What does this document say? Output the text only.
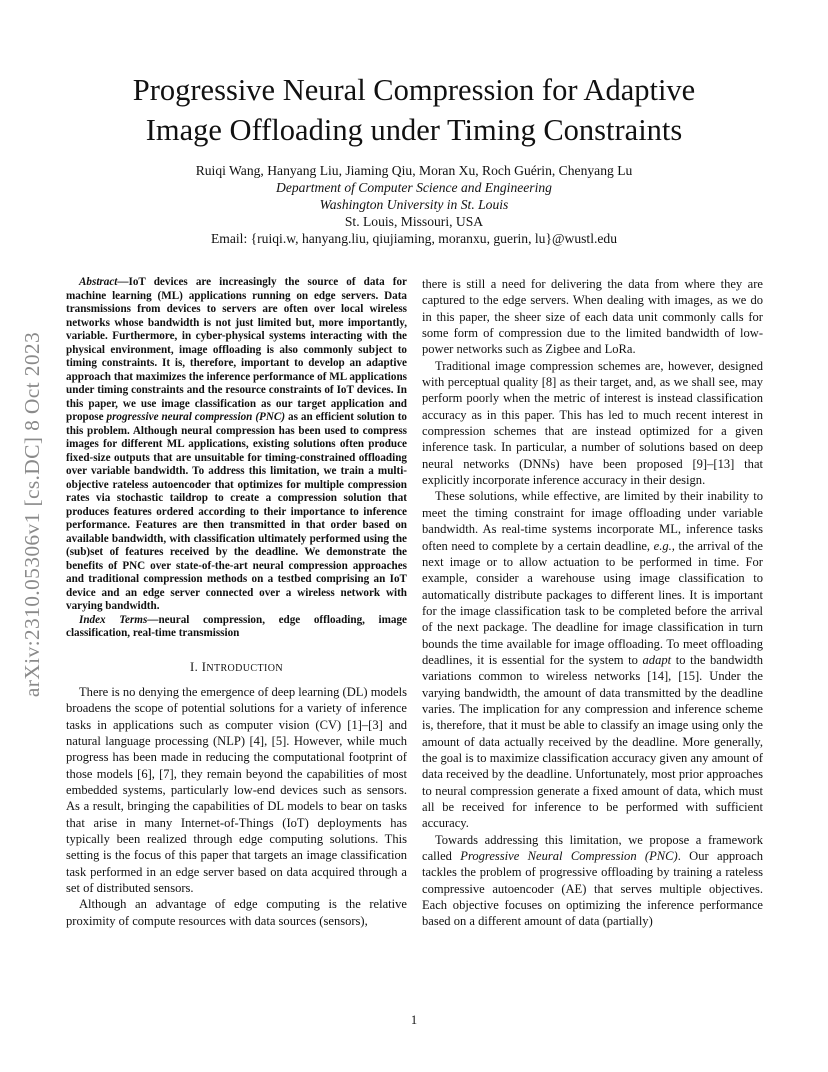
arXiv:2310.05306v1 [cs.DC] 8 Oct 2023
Progressive Neural Compression for Adaptive
Image Offloading under Timing Constraints
Ruiqi Wang, Hanyang Liu, Jiaming Qiu, Moran Xu, Roch Guérin, Chenyang Lu
Department of Computer Science and Engineering
Washington University in St. Louis
St. Louis, Missouri, USA
Email: {ruiqi.w, hanyang.liu, qiujiaming, moranxu, guerin, lu}@wustl.edu

Abstract—IoT devices are increasingly the source of data for machine learning (ML) applications running on edge servers. Data transmissions from devices to servers are often over local wireless networks whose bandwidth is not just limited but, more importantly, variable. Furthermore, in cyber-physical systems interacting with the physical environment, image offloading is also commonly subject to timing constraints. It is, therefore, important to develop an adaptive approach that maximizes the inference performance of ML applications under timing constraints and the resource constraints of IoT devices. In this paper, we use image classification as our target application and propose progressive neural compression (PNC) as an efficient solution to this problem. Although neural compression has been used to compress images for different ML applications, existing solutions often produce fixed-size outputs that are unsuitable for timing-constrained offloading over variable bandwidth. To address this limitation, we train a multi-objective rateless autoencoder that optimizes for multiple compression rates via stochastic taildrop to create a compression solution that produces features ordered according to their importance to inference performance. Features are then transmitted in that order based on available bandwidth, with classification ultimately performed using the (sub)set of features received by the deadline. We demonstrate the benefits of PNC over state-of-the-art neural compression approaches and traditional compression methods on a testbed comprising an IoT device and an edge server connected over a wireless network with varying bandwidth.

Index Terms—neural compression, edge offloading, image classification, real-time transmission

I. INTRODUCTION

There is no denying the emergence of deep learning (DL) models broadens the scope of potential solutions for a variety of inference tasks in applications such as computer vision (CV) [1]–[3] and natural language processing (NLP) [4], [5]. However, while much progress has been made in reducing the computational footprint of those models [6], [7], they remain beyond the capabilities of most embedded systems, particularly low-end devices such as sensors. As a result, bringing the capabilities of DL models to bear on tasks that arise in many Internet-of-Things (IoT) deployments has typically been realized through edge computing solutions. This setting is the focus of this paper that targets an image classification task performed in an edge server based on data acquired through a set of distributed sensors.

Although an advantage of edge computing is the relative proximity of compute resources with data sources (sensors),

there is still a need for delivering the data from where they are captured to the edge servers. When dealing with images, as we do in this paper, the sheer size of each data unit commonly calls for some form of compression due to the limited bandwidth of low-power networks such as Zigbee and LoRa.

Traditional image compression schemes are, however, designed with perceptual quality [8] as their target, and, as we shall see, may perform poorly when the metric of interest is instead classification accuracy as in this paper. This has led to much recent interest in compression schemes that are instead optimized for a given inference task. In particular, a number of solutions based on deep neural networks (DNNs) have been proposed [9]–[13] that explicitly incorporate inference accuracy in their design.

These solutions, while effective, are limited by their inability to meet the timing constraint for image offloading under variable bandwidth. As real-time systems incorporate ML, inference tasks often need to complete by a certain deadline, e.g., the arrival of the next image or to allow actuation to be performed in time. For example, consider a warehouse using image classification to automatically distribute packages to different lines. It is important for the image classification task to be completed before the arrival of the next package. The deadline for image classification in turn bounds the time available for image offloading. To meet offloading deadlines, it is essential for the system to adapt to the bandwidth variations common to wireless networks [14], [15]. Under the varying bandwidth, the amount of data transmitted by the deadline varies. The implication for any compression and inference scheme is, therefore, that it must be able to classify an image using only the amount of data actually received by the deadline. More generally, the goal is to maximize classification accuracy given any amount of data received by the deadline. Unfortunately, most prior approaches to neural compression generate a fixed amount of data, which must all be received for inference to be performed with sufficient accuracy.

Towards addressing this limitation, we propose a framework called Progressive Neural Compression (PNC). Our approach tackles the problem of progressive offloading by training a rateless compressive autoencoder (AE) that serves multiple objectives. Each objective focuses on optimizing the inference performance based on a different amount of data (partially)

1
